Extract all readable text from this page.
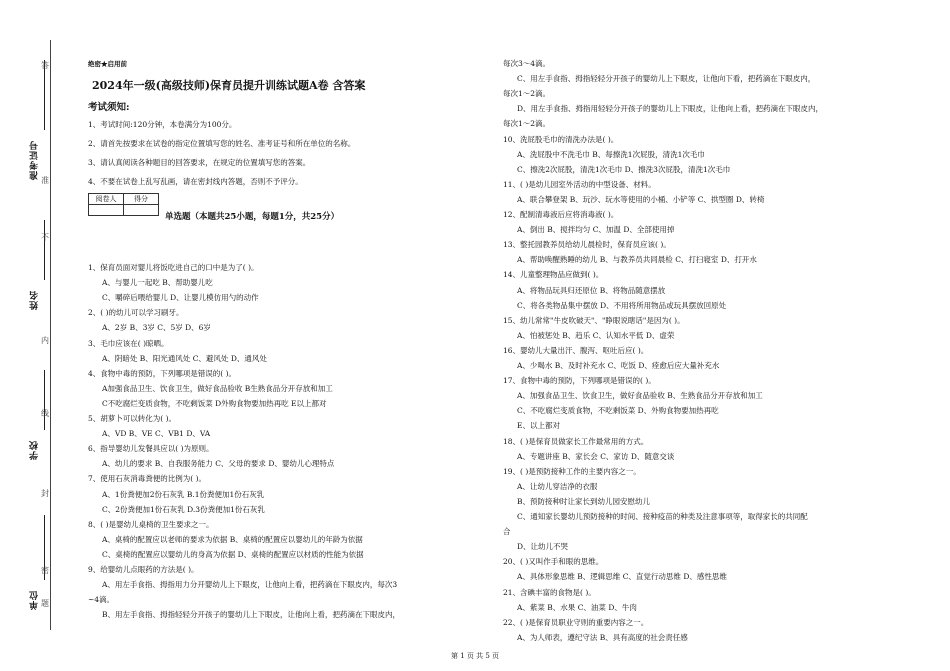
准考证号
姓名
学校
单位
密
封
线
内
不
准
答
题
绝密★启用前
2024年一级(高级技师)保育员提升训练试题A卷 含答案
考试须知:
1、考试时间:120分钟，本卷满分为100分。
2、请首先按要求在试卷的指定位置填写您的姓名、准考证号和所在单位的名称。
3、请认真阅读各种题目的回答要求，在规定的位置填写您的答案。
4、不要在试卷上乱写乱画，请在密封线内答题，否则不予评分。
阅卷人	得分

单选题（本题共25小题，每题1分，共25分）
1、保育员面对婴儿将饭吃进自己的口中是为了( )。
A、与婴儿一起吃 B、帮助婴儿吃
C、嚼碎后喂给婴儿 D、让婴儿模仿用勺的动作
2、( )的幼儿可以学习刷牙。
A、2岁 B、3岁 C、5岁 D、6岁
3、毛巾应该在( )晾晒。
A、阴暗处 B、阳光通风处 C、避风处 D、通风处
4、食物中毒的预防，下列哪项是错误的( )。
A加强食品卫生、饮食卫生，做好食品验收 B生熟食品分开存放和加工
C不吃腐烂变质食物，不吃剩饭菜 D外购食物要加热再吃 E以上都对
5、胡萝卜可以转化为( )。
A、VD B、VE C、VB1 D、VA
6、指导婴幼儿发餐具应以( )为原则。
A、幼儿的要求 B、自我服务能力 C、父母的要求 D、婴幼儿心理特点
7、使用石灰消毒粪便的比例为( )。
A、1份粪便加2份石灰乳 B.1份粪便加1份石灰乳
C、2份粪便加1份石灰乳 D.3份粪便加1份石灰乳
8、( )是婴幼儿桌椅的卫生要求之一。
A、桌椅的配置应以老师的要求为依据 B、桌椅的配置应以婴幼儿的年龄为依据
C、桌椅的配置应以婴幼儿的身高为依据 D、桌椅的配置应以材质的性能为依据
9、给婴幼儿点眼药的方法是( )。
A、用左手食指、拇指用力分开婴幼儿上下眼皮，让他向上看，把药滴在下眼皮内，每次3
~4滴。
B、用左手食指、拇指轻轻分开孩子的婴幼儿上下眼皮，让他向上看，把药滴在下眼皮内，
每次3～4滴。
C、用左手食指、拇指轻轻分开孩子的婴幼儿上下眼皮，让他向下看，把药滴在下眼皮内，
每次1～2滴。
D、用左手食指、拇指用轻轻分开孩子的婴幼儿上下眼皮，让他向上看，把药滴在下眼皮内，
每次1～2滴。
10、洗屁股毛巾的清洗办法是( )。
A、洗屁股中不洗毛巾 B、每擦洗1次屁股，清洗1次毛巾
C、擦洗2次屁股，清洗1次毛巾 D、擦洗3次屁股，清洗1次毛巾
11、( )是幼儿园室外活动的中型设备、材料。
A、联合攀登架 B、玩沙、玩水等使用的小桶、小铲等 C、拱型圈 D、转椅
12、配制清毒液后应将消毒液( )。
A、倒出 B、搅拌均匀 C、加温 D、全部使用掉
13、整托园教养员给幼儿晨检时，保育员应该( )。
A、帮助唤醒熟睡的幼儿 B、与教养员共同晨检 C、打扫寝室 D、打开水
14、儿童整理物品应做到( )。
A、将物品玩具归还原位 B、将物品随意摆放
C、将各类物品集中摆放 D、不用将所用物品或玩具摆放回原处
15、幼儿常常"牛皮吹破天"、"睁眼说瞎话"是因为( )。
A、怕被惩处 B、趋乐 C、认知水平低 D、虚荣
16、婴幼儿大量出汗、腹泻、呕吐后应( )。
A、少喝水 B、及时补充水 C、吃饭 D、痊愈后应大量补充水
17、食物中毒的预防，下列哪项是错误的( )。
A、加强食品卫生、饮食卫生，做好食品验收 B、生熟食品分开存放和加工
C、不吃腐烂变质食物，不吃剩饭菜 D、外购食物要加热再吃
E、以上都对
18、( )是保育员做家长工作最常用的方式。
A、专题讲座 B、家长会 C、家访 D、随意交谈
19、( )是预防接种工作的主要内容之一。
A、让幼儿穿洁净的衣服
B、预防接种时让家长到幼儿园安慰幼儿
C、通知家长婴幼儿预防接种的时间、接种疫苗的种类及注意事项等，取得家长的共同配
合
D、让幼儿不哭
20、( )又叫作手和眼的思维。
A、具体形象思维 B、逻辑思维 C、直觉行动思维 D、感性思维
21、含碘丰富的食物是( )。
A、紫菜 B、水果 C、油菜 D、牛肉
22、( )是保育员职业守则的重要内容之一。
A、为人师表，遵纪守法 B、具有高度的社会责任感
第 1 页 共 5 页
